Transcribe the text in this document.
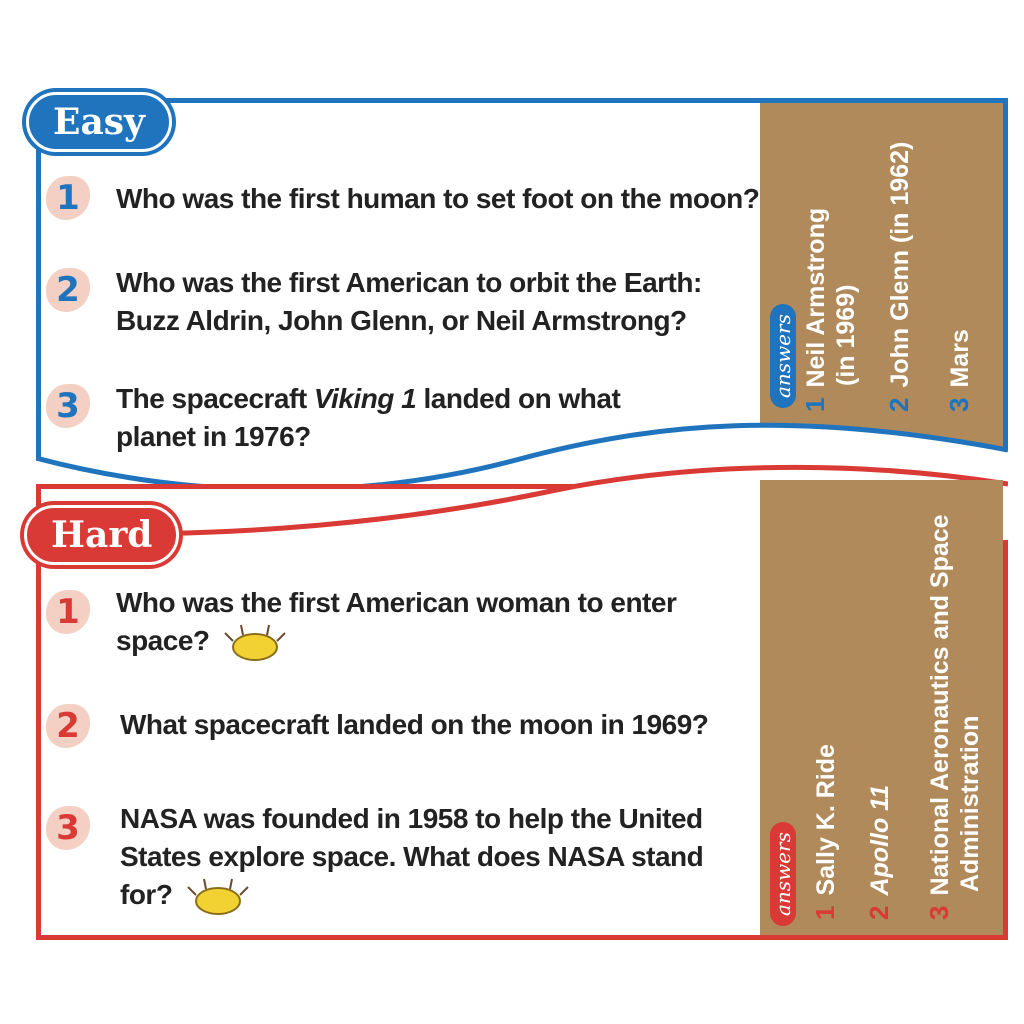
Easy
1	Who was the first human to set foot on the moon?
2	Who was the first American to orbit the Earth:
Buzz Aldrin, John Glenn, or Neil Armstrong?
3	The spacecraft Viking 1 landed on what
planet in 1976?
answers
1Neil Armstrong (in 1969)
2John Glenn (in 1962)
3Mars
Hard
1	Who was the first American woman to enter
space?
2	What spacecraft landed on the moon in 1969?
3	NASA was founded in 1958 to help the United
States explore space. What does NASA stand
for?	answers 1Sally K. Ride
2Apollo 11
3National Aeronautics and Space Administration
